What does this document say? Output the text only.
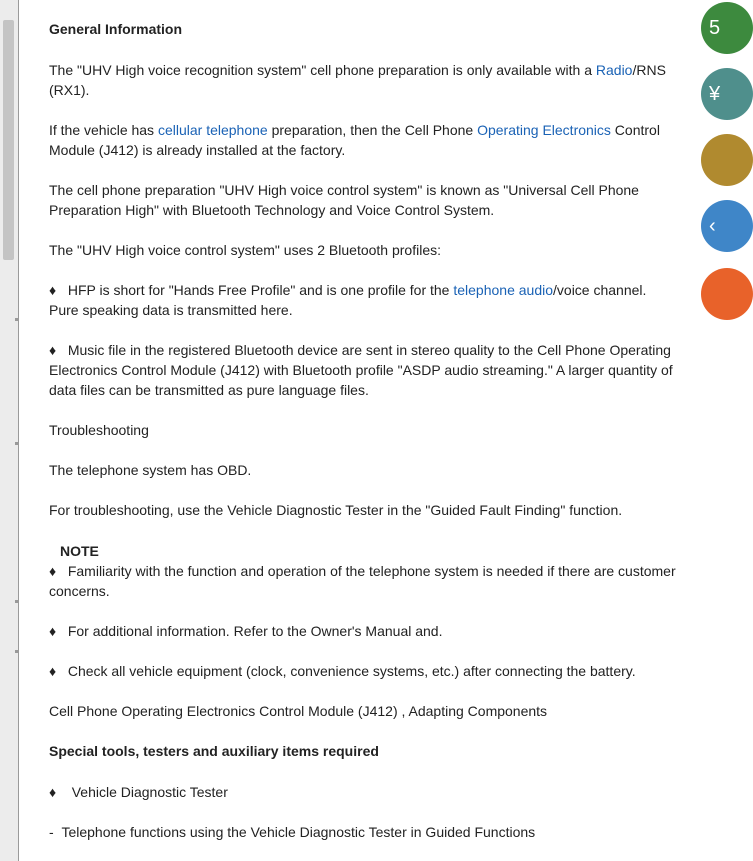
General Information

The "UHV High voice recognition system" cell phone preparation is only available with a Radio/RNS (RX1).

If the vehicle has cellular telephone preparation, then the Cell Phone Operating Electronics Control Module (J412) is already installed at the factory.

The cell phone preparation "UHV High voice control system" is known as "Universal Cell Phone Preparation High" with Bluetooth Technology and Voice Control System.

The "UHV High voice control system" uses 2 Bluetooth profiles:

♦ HFP is short for "Hands Free Profile" and is one profile for the telephone audio/voice channel. Pure speaking data is transmitted here.

♦ Music file in the registered Bluetooth device are sent in stereo quality to the Cell Phone Operating Electronics Control Module (J412) with Bluetooth profile "ASDP audio streaming." A larger quantity of data files can be transmitted as pure language files.

Troubleshooting

The telephone system has OBD.

For troubleshooting, use the Vehicle Diagnostic Tester in the "Guided Fault Finding" function.

NOTE

♦ Familiarity with the function and operation of the telephone system is needed if there are customer concerns.

♦ For additional information. Refer to the Owner's Manual and.

♦ Check all vehicle equipment (clock, convenience systems, etc.) after connecting the battery.

Cell Phone Operating Electronics Control Module (J412) , Adapting Components

Special tools, testers and auxiliary items required

♦ Vehicle Diagnostic Tester

- Telephone functions using the Vehicle Diagnostic Tester in Guided Functions

5
¥
‹
